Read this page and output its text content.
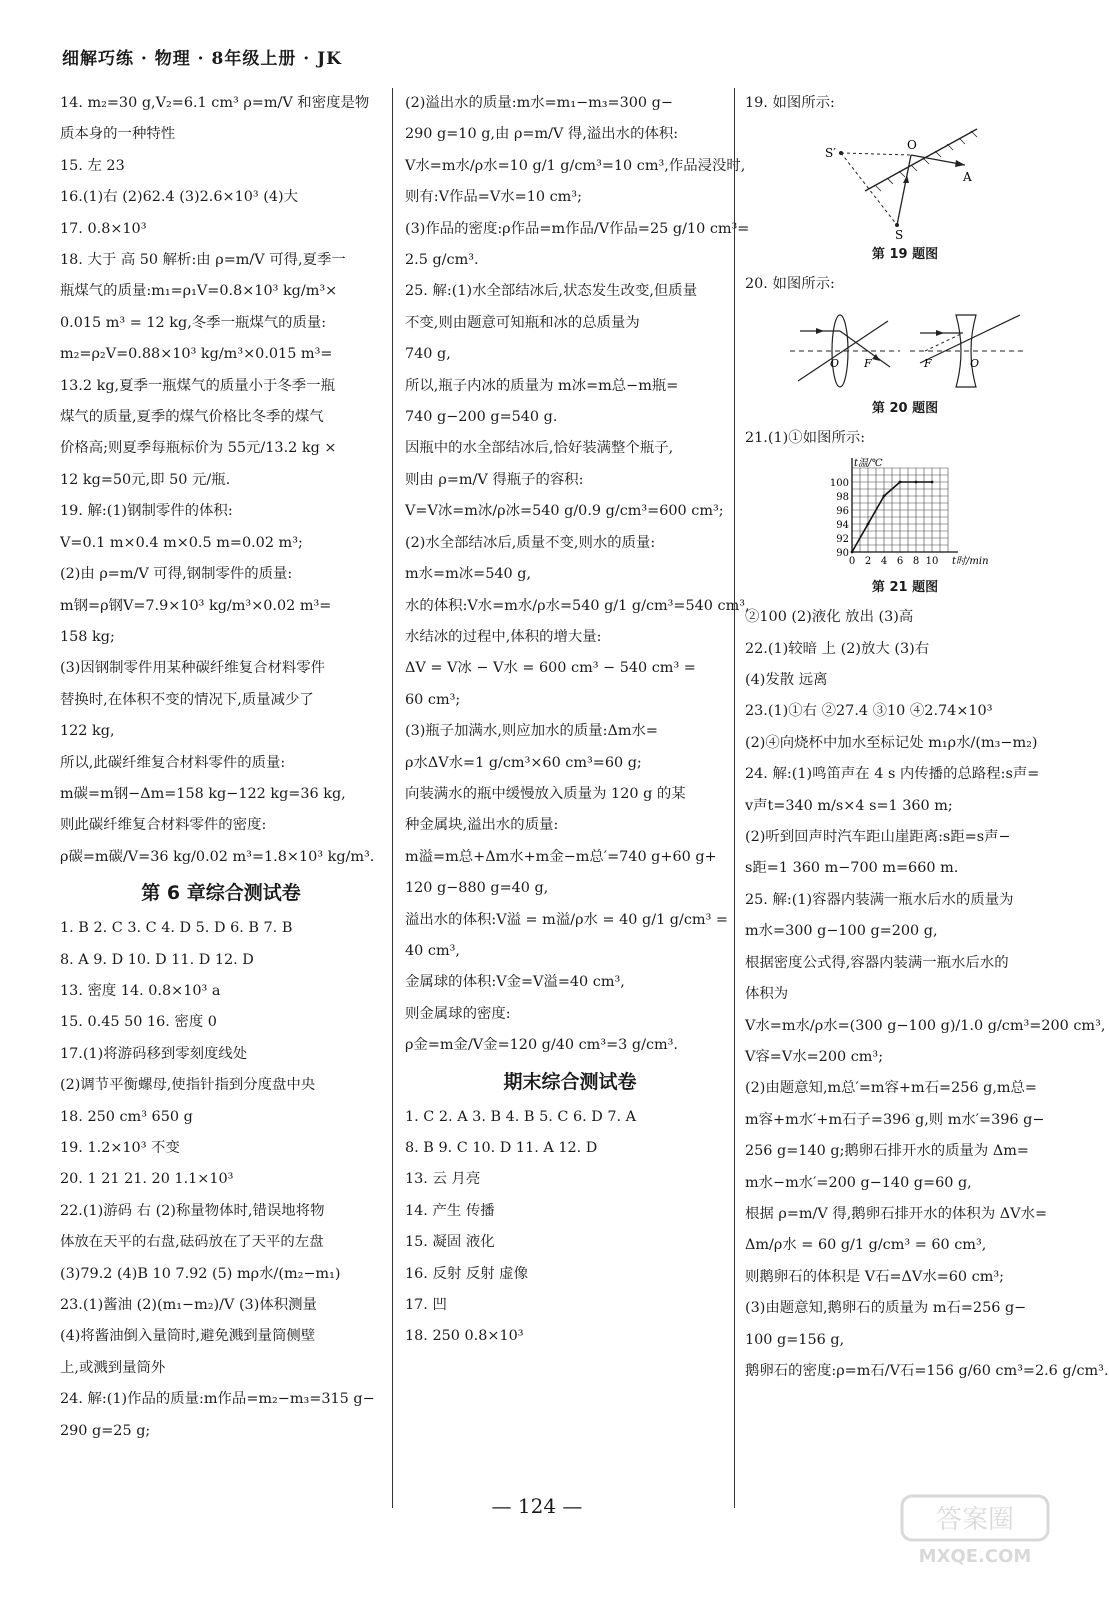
细解巧练 · 物理 · 8年级上册 · JK
14. m₂=30 g,V₂=6.1 cm³ ρ=m/V 和密度是物
质本身的一种特性
15. 左 23
16.(1)右 (2)62.4 (3)2.6×10³ (4)大
17. 0.8×10³
18. 大于 高 50 解析:由 ρ=m/V 可得,夏季一
瓶煤气的质量:m₁=ρ₁V=0.8×10³ kg/m³×
0.015 m³ = 12 kg,冬季一瓶煤气的质量:
m₂=ρ₂V=0.88×10³ kg/m³×0.015 m³=
13.2 kg,夏季一瓶煤气的质量小于冬季一瓶
煤气的质量,夏季的煤气价格比冬季的煤气
价格高;则夏季每瓶标价为 55元/13.2 kg ×
12 kg=50元,即 50 元/瓶.
19. 解:(1)钢制零件的体积:
V=0.1 m×0.4 m×0.5 m=0.02 m³;
(2)由 ρ=m/V 可得,钢制零件的质量:
m钢=ρ钢V=7.9×10³ kg/m³×0.02 m³=
158 kg;
(3)因钢制零件用某种碳纤维复合材料零件
替换时,在体积不变的情况下,质量减少了
122 kg,
所以,此碳纤维复合材料零件的质量:
m碳=m钢−Δm=158 kg−122 kg=36 kg,
则此碳纤维复合材料零件的密度:
ρ碳=m碳/V=36 kg/0.02 m³=1.8×10³ kg/m³.
第 6 章综合测试卷
1. B 2. C 3. C 4. D 5. D 6. B 7. B
8. A 9. D 10. D 11. D 12. D
13. 密度 14. 0.8×10³ a
15. 0.45 50 16. 密度 0
17.(1)将游码移到零刻度线处
(2)调节平衡螺母,使指针指到分度盘中央
18. 250 cm³ 650 g
19. 1.2×10³ 不变
20. 1 21 21. 20 1.1×10³
22.(1)游码 右 (2)称量物体时,错误地将物
体放在天平的右盘,砝码放在了天平的左盘
(3)79.2 (4)B 10 7.92 (5) mρ水/(m₂−m₁)
23.(1)酱油 (2)(m₁−m₂)/V (3)体积测量
(4)将酱油倒入量筒时,避免溅到量筒侧壁
上,或溅到量筒外
24. 解:(1)作品的质量:m作品=m₂−m₃=315 g−
290 g=25 g;
(2)溢出水的质量:m水=m₁−m₃=300 g−
290 g=10 g,由 ρ=m/V 得,溢出水的体积:
V水=m水/ρ水=10 g/1 g/cm³=10 cm³,作品浸没时,
则有:V作品=V水=10 cm³;
(3)作品的密度:ρ作品=m作品/V作品=25 g/10 cm³=
2.5 g/cm³.
25. 解:(1)水全部结冰后,状态发生改变,但质量
不变,则由题意可知瓶和冰的总质量为
740 g,
所以,瓶子内冰的质量为 m冰=m总−m瓶=
740 g−200 g=540 g.
因瓶中的水全部结冰后,恰好装满整个瓶子,
则由 ρ=m/V 得瓶子的容积:
V=V冰=m冰/ρ冰=540 g/0.9 g/cm³=600 cm³;
(2)水全部结冰后,质量不变,则水的质量:
m水=m冰=540 g,
水的体积:V水=m水/ρ水=540 g/1 g/cm³=540 cm³,
水结冰的过程中,体积的增大量:
ΔV = V冰 − V水 = 600 cm³ − 540 cm³ =
60 cm³;
(3)瓶子加满水,则应加水的质量:Δm水=
ρ水ΔV水=1 g/cm³×60 cm³=60 g;
向装满水的瓶中缓慢放入质量为 120 g 的某
种金属块,溢出水的质量:
m溢=m总+Δm水+m金−m总′=740 g+60 g+
120 g−880 g=40 g,
溢出水的体积:V溢 = m溢/ρ水 = 40 g/1 g/cm³ =
40 cm³,
金属球的体积:V金=V溢=40 cm³,
则金属球的密度:
ρ金=m金/V金=120 g/40 cm³=3 g/cm³.
期末综合测试卷
1. C 2. A 3. B 4. B 5. C 6. D 7. A
8. B 9. C 10. D 11. A 12. D
13. 云 月亮
14. 产生 传播
15. 凝固 液化
16. 反射 反射 虚像
17. 凹
18. 250 0.8×10³
19. 如图所示:
S′
O
A
S
第 19 题图
20. 如图所示:
O F	F	O
第 20 题图
21.(1)①如图所示:
90
92
94
96
98
100
0 2 4 6 8 10 t时/min
t温/℃
第 21 题图
②100 (2)液化 放出 (3)高
22.(1)较暗 上 (2)放大 (3)右
(4)发散 远离
23.(1)①右 ②27.4 ③10 ④2.74×10³
(2)④向烧杯中加水至标记处 m₁ρ水/(m₃−m₂)
24. 解:(1)鸣笛声在 4 s 内传播的总路程:s声=
v声t=340 m/s×4 s=1 360 m;
(2)听到回声时汽车距山崖距离:s距=s声−
s距=1 360 m−700 m=660 m.
25. 解:(1)容器内装满一瓶水后水的质量为
m水=300 g−100 g=200 g,
根据密度公式得,容器内装满一瓶水后水的
体积为
V水=m水/ρ水=(300 g−100 g)/1.0 g/cm³=200 cm³,
V容=V水=200 cm³;
(2)由题意知,m总′=m容+m石=256 g,m总=
m容+m水′+m石子=396 g,则 m水′=396 g−
256 g=140 g;鹅卵石排开水的质量为 Δm=
m水−m水′=200 g−140 g=60 g,
根据 ρ=m/V 得,鹅卵石排开水的体积为 ΔV水=
Δm/ρ水 = 60 g/1 g/cm³ = 60 cm³,
则鹅卵石的体积是 V石=ΔV水=60 cm³;
(3)由题意知,鹅卵石的质量为 m石=256 g−
100 g=156 g,
鹅卵石的密度:ρ=m石/V石=156 g/60 cm³=2.6 g/cm³.
— 124 —	答案圈
MXQE.COM
